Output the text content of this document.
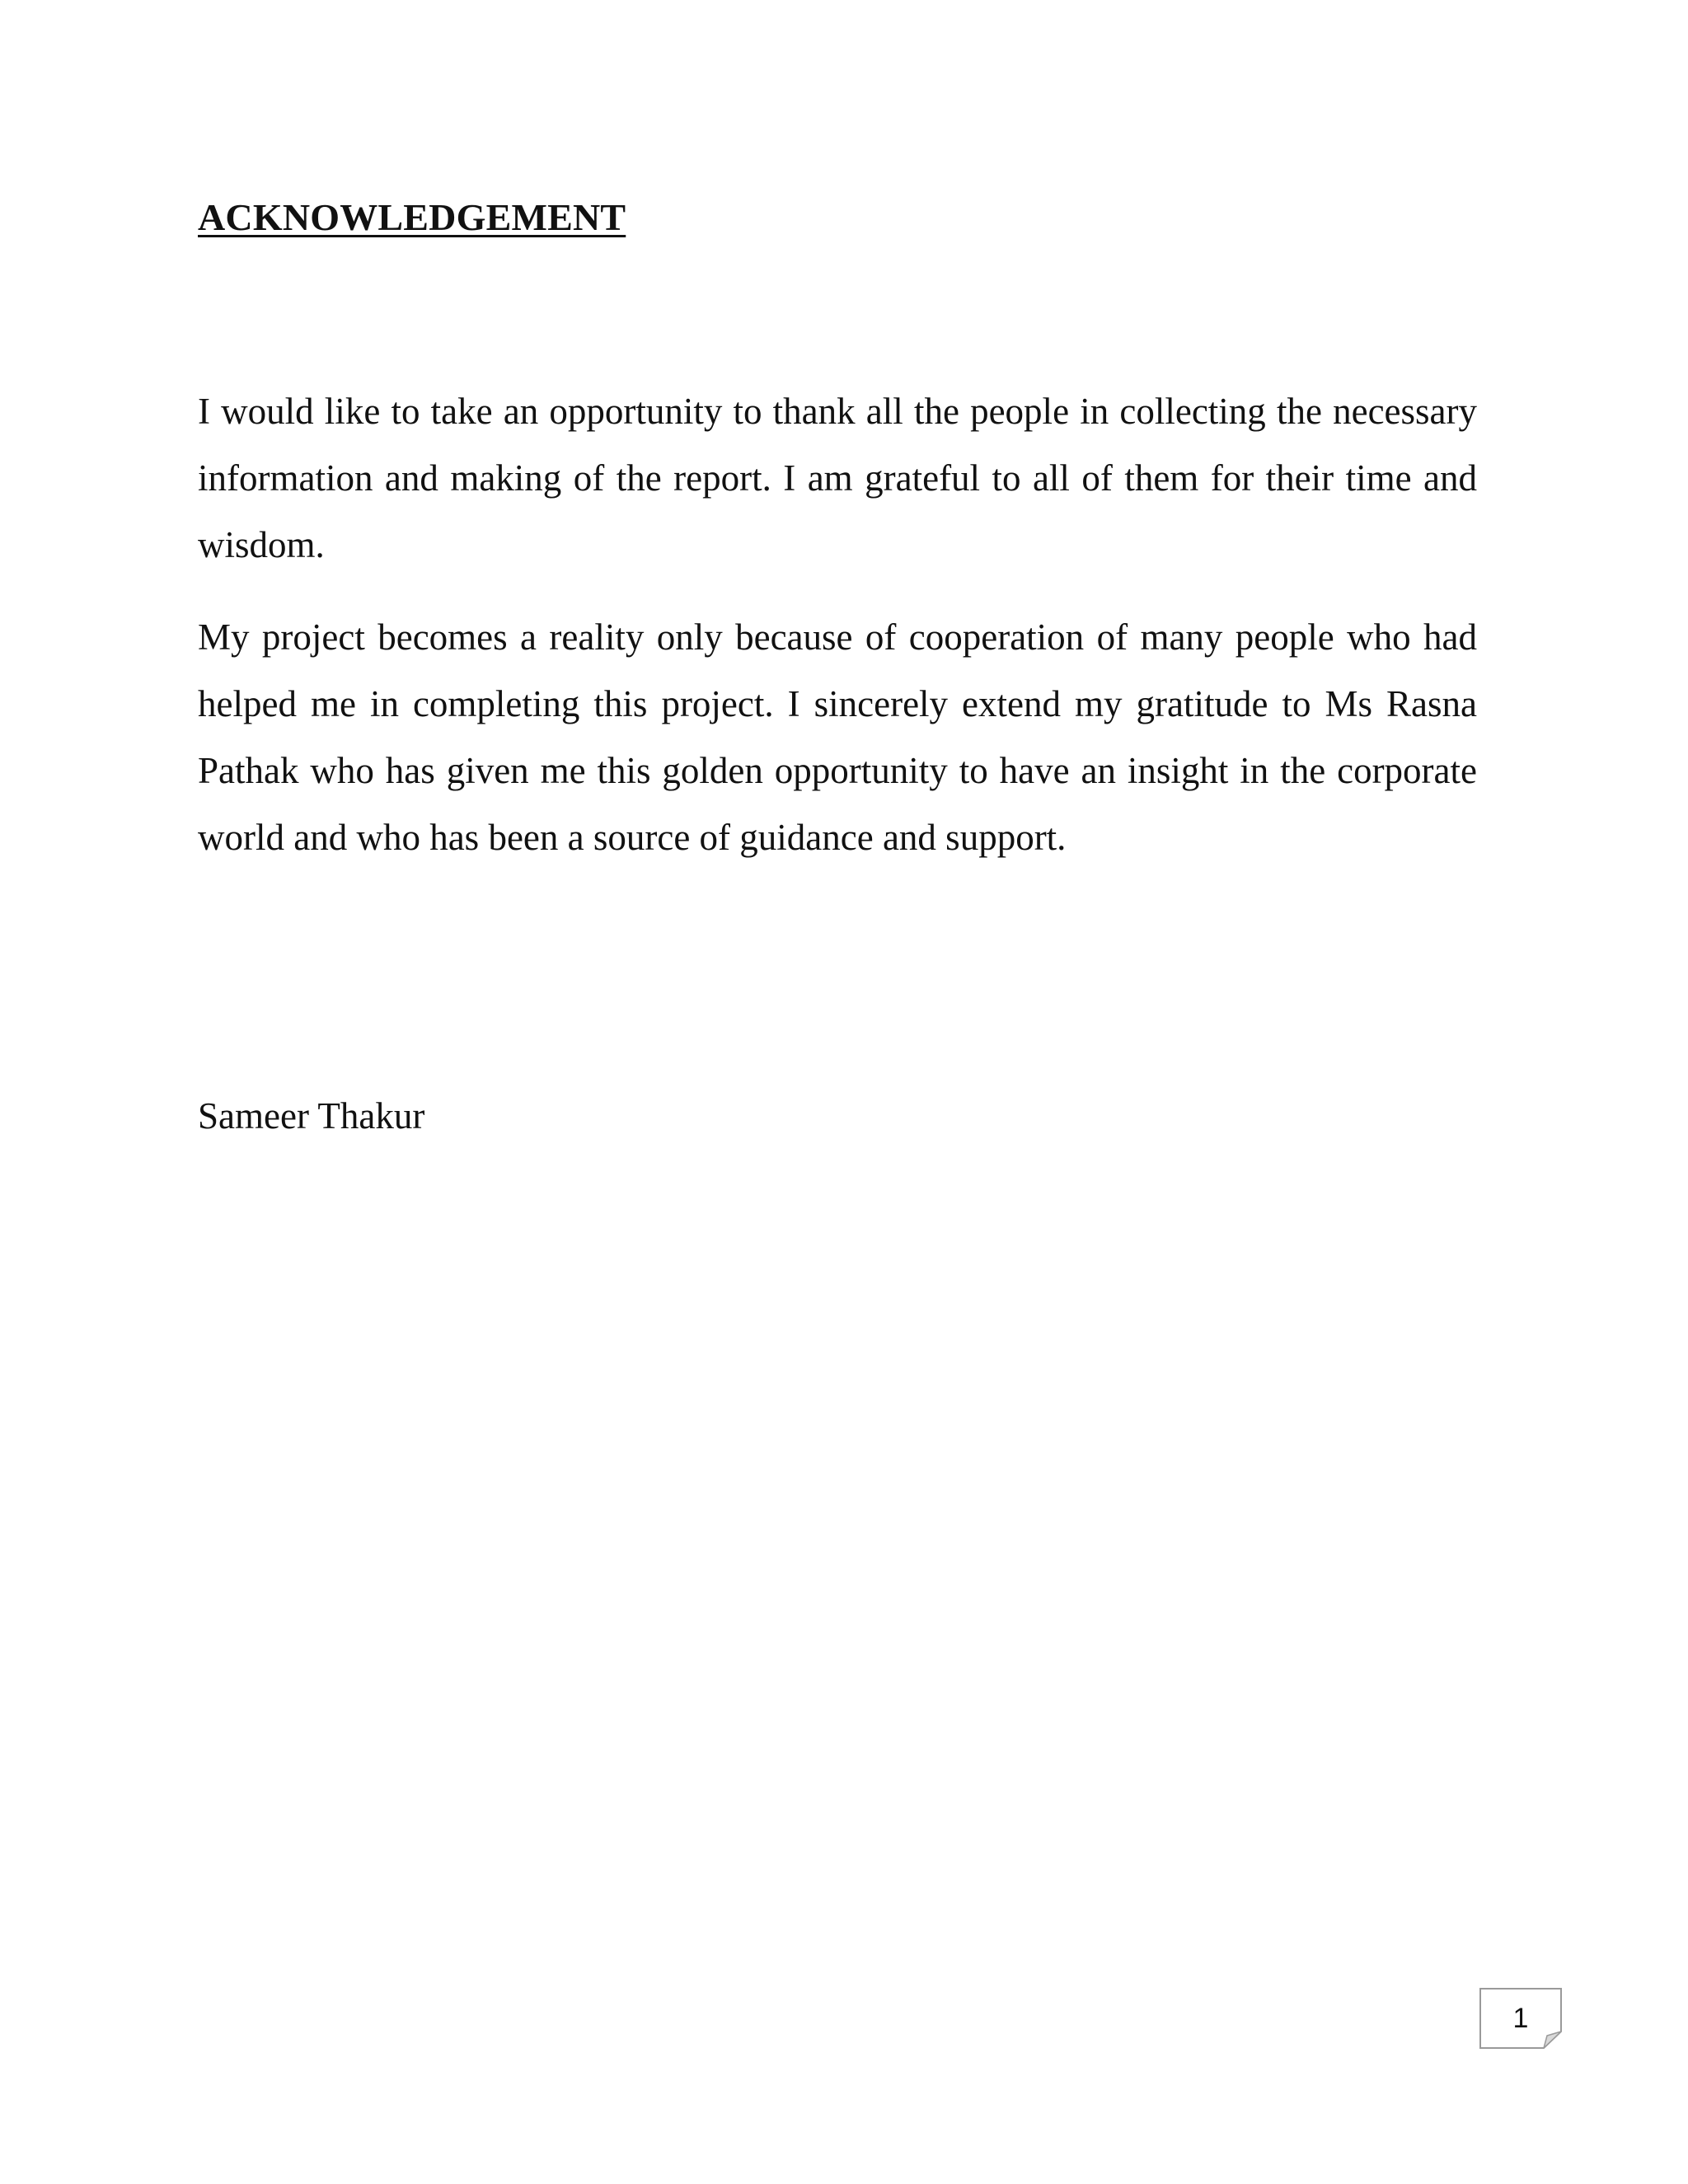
ACKNOWLEDGEMENT

I would like to take an opportunity to thank all the people in collecting the necessary information and making of the report. I am grateful to all of them for their time and wisdom.

My project becomes a reality only because of cooperation of many people who had helped me in completing this project. I sincerely extend my gratitude to Ms Rasna Pathak who has given me this golden opportunity to have an insight in the corporate world and who has been a source of guidance and support.

Sameer Thakur

1
